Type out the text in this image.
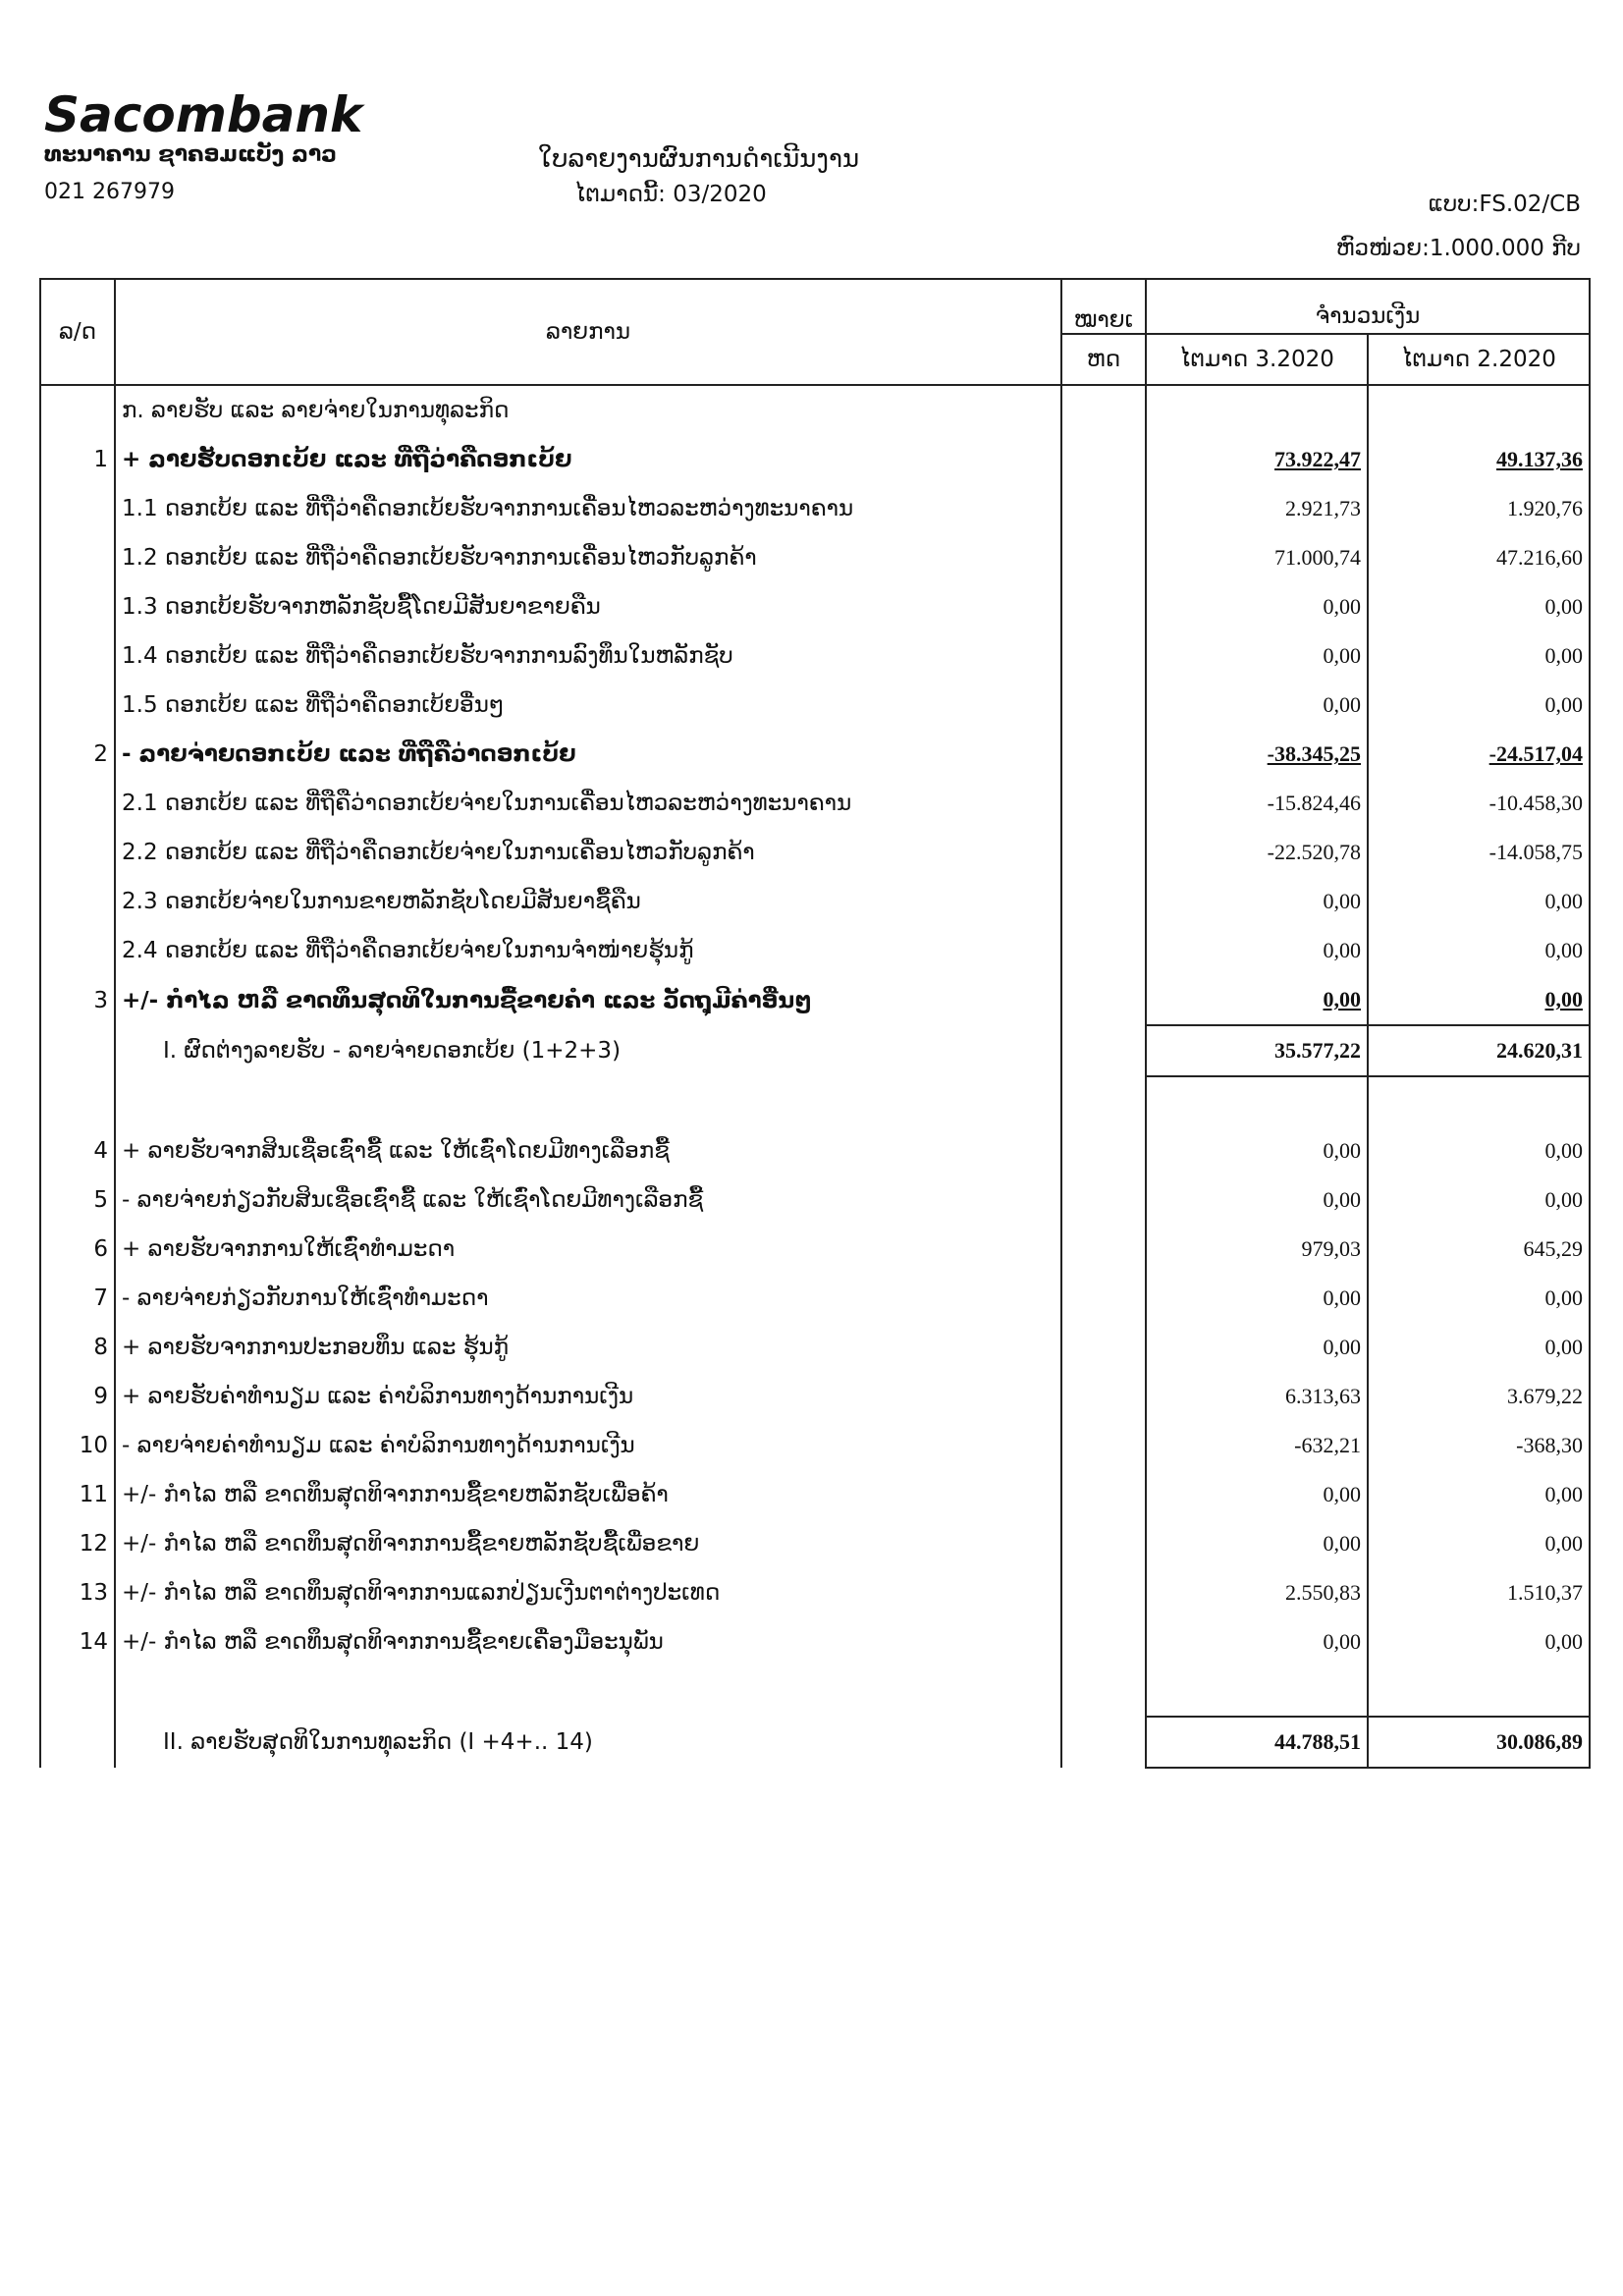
Sacombank
ທະນາຄານ ຊາຄອມແບັງ ລາວ
021 267979
ໃບລາຍງານຜົນການດຳເນີນງານ
ໄຕມາດນີ້: 03/2020	ແບບ:FS.02/CB
ຫົວໜ່ວຍ:1.000.000 ກີບ
ລ/ດ	ລາຍການ	ໝາຍເ	ຈຳນວນເງີນ	
		ຫດ	ໄຕມາດ 3.2020	ໄຕມາດ 2.2020
	ກ. ລາຍຮັບ ແລະ ລາຍຈ່າຍໃນການທຸລະກິດ			
1	+ ລາຍຮັບດອກເບ້ຍ ແລະ ທີ່ຖືວ່າຄືດອກເບ້ຍ		73.922,47	49.137,36
	1.1 ດອກເບ້ຍ ແລະ ທີ່ຖືວ່າຄືດອກເບ້ຍຮັບຈາກການເຄື່ອນໄຫວລະຫວ່າງທະນາຄານ		2.921,73	1.920,76
	1.2 ດອກເບ້ຍ ແລະ ທີ່ຖືວ່າຄືດອກເບ້ຍຮັບຈາກການເຄື່ອນໄຫວກັບລູກຄ້າ		71.000,74	47.216,60
	1.3 ດອກເບ້ຍຮັບຈາກຫລັກຊັບຊື້ໂດຍມີສັນຍາຂາຍຄືນ		0,00	0,00
	1.4 ດອກເບ້ຍ ແລະ ທີ່ຖືວ່າຄືດອກເບ້ຍຮັບຈາກການລົງທຶນໃນຫລັກຊັບ		0,00	0,00
	1.5 ດອກເບ້ຍ ແລະ ທີ່ຖືວ່າຄືດອກເບ້ຍອື່ນໆ		0,00	0,00
2	- ລາຍຈ່າຍດອກເບ້ຍ ແລະ ທີ່ຖືຄືວ່າດອກເບ້ຍ		-38.345,25	-24.517,04
	2.1 ດອກເບ້ຍ ແລະ ທີ່ຖືຄືວ່າດອກເບ້ຍຈ່າຍໃນການເຄື່ອນໄຫວລະຫວ່າງທະນາຄານ		-15.824,46	-10.458,30
	2.2 ດອກເບ້ຍ ແລະ ທີ່ຖືວ່າຄືດອກເບ້ຍຈ່າຍໃນການເຄື່ອນໄຫວກັບລູກຄ້າ		-22.520,78	-14.058,75
	2.3 ດອກເບ້ຍຈ່າຍໃນການຂາຍຫລັກຊັບໂດຍມີສັນຍາຊື້ຄືນ		0,00	0,00
	2.4 ດອກເບ້ຍ ແລະ ທີ່ຖືວ່າຄືດອກເບ້ຍຈ່າຍໃນການຈຳໜ່າຍຮຸ້ນກູ້		0,00	0,00
3	+/- ກຳໄລ ຫລື ຂາດທຶນສຸດທິໃນການຊື້ຂາຍຄຳ ແລະ ວັດຖຸມີຄ່າອື່ນໆ		0,00	0,00
	I. ຜົດຕ່າງລາຍຮັບ - ລາຍຈ່າຍດອກເບ້ຍ (1+2+3)		35.577,22	24.620,31

4	+ ລາຍຮັບຈາກສິນເຊື່ອເຊົ່າຊື້ ແລະ ໃຫ້ເຊົ່າໂດຍມີທາງເລືອກຊື້		0,00	0,00
5	- ລາຍຈ່າຍກ່ຽວກັບສິນເຊື່ອເຊົ່າຊື້ ແລະ ໃຫ້ເຊົ່າໂດຍມີທາງເລືອກຊື້		0,00	0,00
6	+ ລາຍຮັບຈາກການໃຫ້ເຊົ່າທຳມະດາ		979,03	645,29
7	- ລາຍຈ່າຍກ່ຽວກັບການໃຫ້ເຊົ່າທຳມະດາ		0,00	0,00
8	+ ລາຍຮັບຈາກການປະກອບທຶນ ແລະ ຮຸ້ນກູ້		0,00	0,00
9	+ ລາຍຮັບຄ່າທຳນຽມ ແລະ ຄ່າບໍລິການທາງດ້ານການເງີນ		6.313,63	3.679,22
10	- ລາຍຈ່າຍຄ່າທຳນຽມ ແລະ ຄ່າບໍລິການທາງດ້ານການເງີນ		-632,21	-368,30
11	+/- ກຳໄລ ຫລື ຂາດທຶນສຸດທິຈາກການຊື້ຂາຍຫລັກຊັບເພື່ອຄ້າ		0,00	0,00
12	+/- ກຳໄລ ຫລື ຂາດທຶນສຸດທິຈາກການຊື້ຂາຍຫລັກຊັບຊື້ເພື່ອຂາຍ		0,00	0,00
13	+/- ກຳໄລ ຫລື ຂາດທຶນສຸດທິຈາກການແລກປ່ຽນເງີນຕາຕ່າງປະເທດ		2.550,83	1.510,37
14	+/- ກຳໄລ ຫລື ຂາດທຶນສຸດທິຈາກການຊື້ຂາຍເຄື່ອງມືອະນຸພັນ		0,00	0,00

	II. ລາຍຮັບສຸດທິໃນການທຸລະກິດ (I +4+.. 14)		44.788,51	30.086,89
